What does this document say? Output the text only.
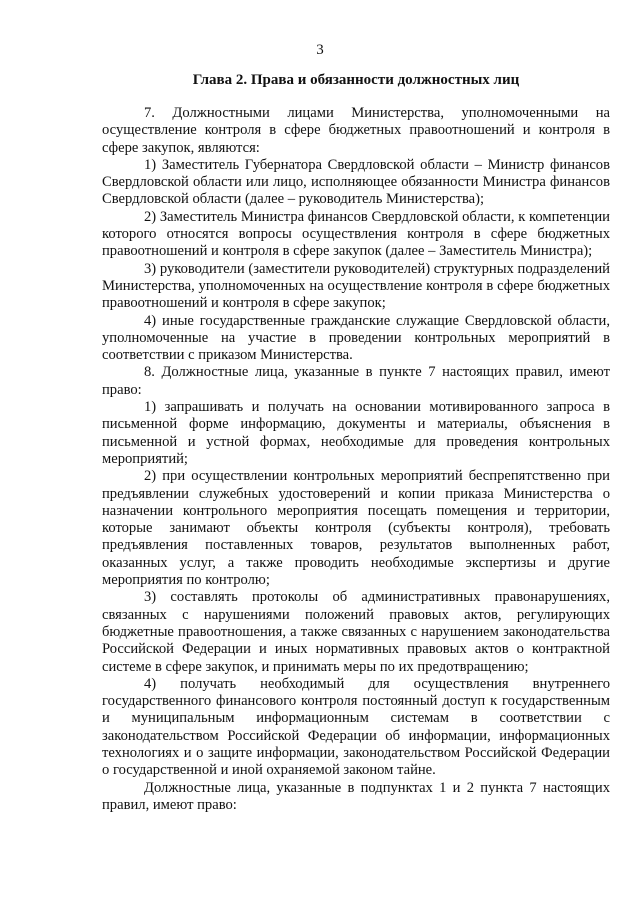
3
Глава 2. Права и обязанности должностных лиц

7. Должностными лицами Министерства, уполномоченными на осуществление контроля в сфере бюджетных правоотношений и контроля в сфере закупок, являются:

1) Заместитель Губернатора Свердловской области – Министр финансов Свердловской области или лицо, исполняющее обязанности Министра финансов Свердловской области (далее – руководитель Министерства);

2) Заместитель Министра финансов Свердловской области, к компетенции которого относятся вопросы осуществления контроля в сфере бюджетных правоотношений и контроля в сфере закупок (далее – Заместитель Министра);

3) руководители (заместители руководителей) структурных подразделений Министерства, уполномоченных на осуществление контроля в сфере бюджетных правоотношений и контроля в сфере закупок;

4) иные государственные гражданские служащие Свердловской области, уполномоченные на участие в проведении контрольных мероприятий в соответствии с приказом Министерства.

8. Должностные лица, указанные в пункте 7 настоящих правил, имеют право:

1) запрашивать и получать на основании мотивированного запроса в письменной форме информацию, документы и материалы, объяснения в письменной и устной формах, необходимые для проведения контрольных мероприятий;

2) при осуществлении контрольных мероприятий беспрепятственно при предъявлении служебных удостоверений и копии приказа Министерства о назначении контрольного мероприятия посещать помещения и территории, которые занимают объекты контроля (субъекты контроля), требовать предъявления поставленных товаров, результатов выполненных работ, оказанных услуг, а также проводить необходимые экспертизы и другие мероприятия по контролю;

3) составлять протоколы об административных правонарушениях, связанных с нарушениями положений правовых актов, регулирующих бюджетные правоотношения, а также связанных с нарушением законодательства Российской Федерации и иных нормативных правовых актов о контрактной системе в сфере закупок, и принимать меры по их предотвращению;

4) получать необходимый для осуществления внутреннего государственного финансового контроля постоянный доступ к государственным и муниципальным информационным системам в соответствии с законодательством Российской Федерации об информации, информационных технологиях и о защите информации, законодательством Российской Федерации о государственной и иной охраняемой законом тайне.

Должностные лица, указанные в подпунктах 1 и 2 пункта 7 настоящих правил, имеют право:
